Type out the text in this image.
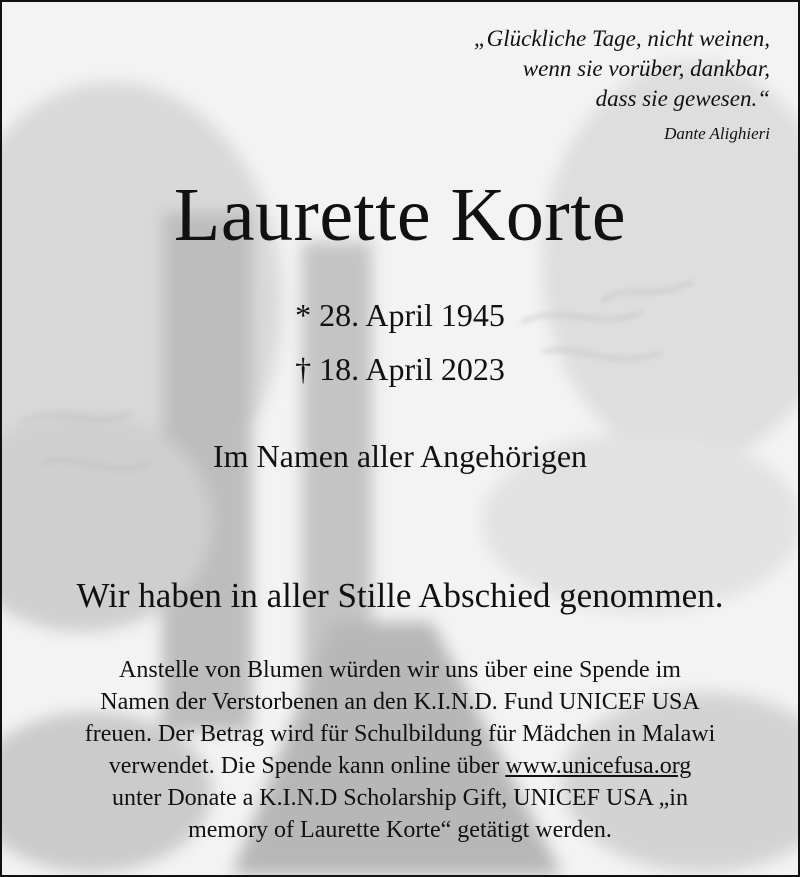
„Glückliche Tage, nicht weinen,
wenn sie vorüber, dankbar,
dass sie gewesen.“
Dante Alighieri
Laurette Korte
* 28. April 1945
† 18. April 2023
Im Namen aller Angehörigen
Wir haben in aller Stille Abschied genommen.
Anstelle von Blumen würden wir uns über eine Spende im
Namen der Verstorbenen an den K.I.N.D. Fund UNICEF USA
freuen. Der Betrag wird für Schulbildung für Mädchen in Malawi
verwendet. Die Spende kann online über www.unicefusa.org
unter Donate a K.I.N.D Scholarship Gift, UNICEF USA „in
memory of Laurette Korte“ getätigt werden.
